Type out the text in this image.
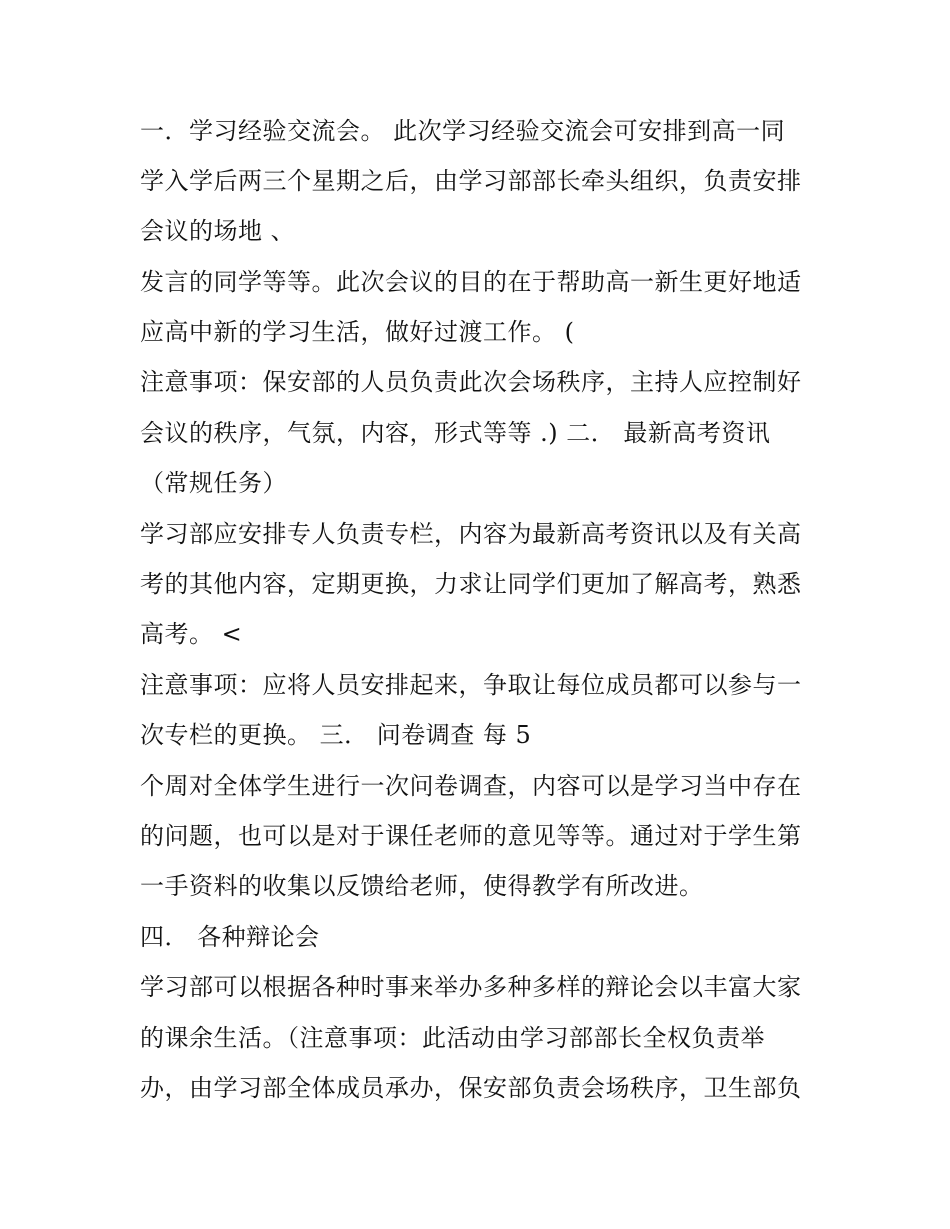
一．学习经验交流会。 此次学习经验交流会可安排到高一同

学入学后两三个星期之后，由学习部部长牵头组织，负责安排

会议的场地 、

发言的同学等等。此次会议的目的在于帮助高一新生更好地适

应高中新的学习生活，做好过渡工作。 (

注意事项：保安部的人员负责此次会场秩序，主持人应控制好

会议的秩序，气氛，内容，形式等等 .) 二． 最新高考资讯

（常规任务）

学习部应安排专人负责专栏，内容为最新高考资讯以及有关高

考的其他内容，定期更换，力求让同学们更加了解高考，熟悉

高考。 <

注意事项：应将人员安排起来，争取让每位成员都可以参与一

次专栏的更换。 三． 问卷调查 每 5

个周对全体学生进行一次问卷调查，内容可以是学习当中存在

的问题，也可以是对于课任老师的意见等等。通过对于学生第

一手资料的收集以反馈给老师，使得教学有所改进。

四． 各种辩论会

学习部可以根据各种时事来举办多种多样的辩论会以丰富大家

的课余生活。（注意事项：此活动由学习部部长全权负责举

办，由学习部全体成员承办，保安部负责会场秩序，卫生部负
